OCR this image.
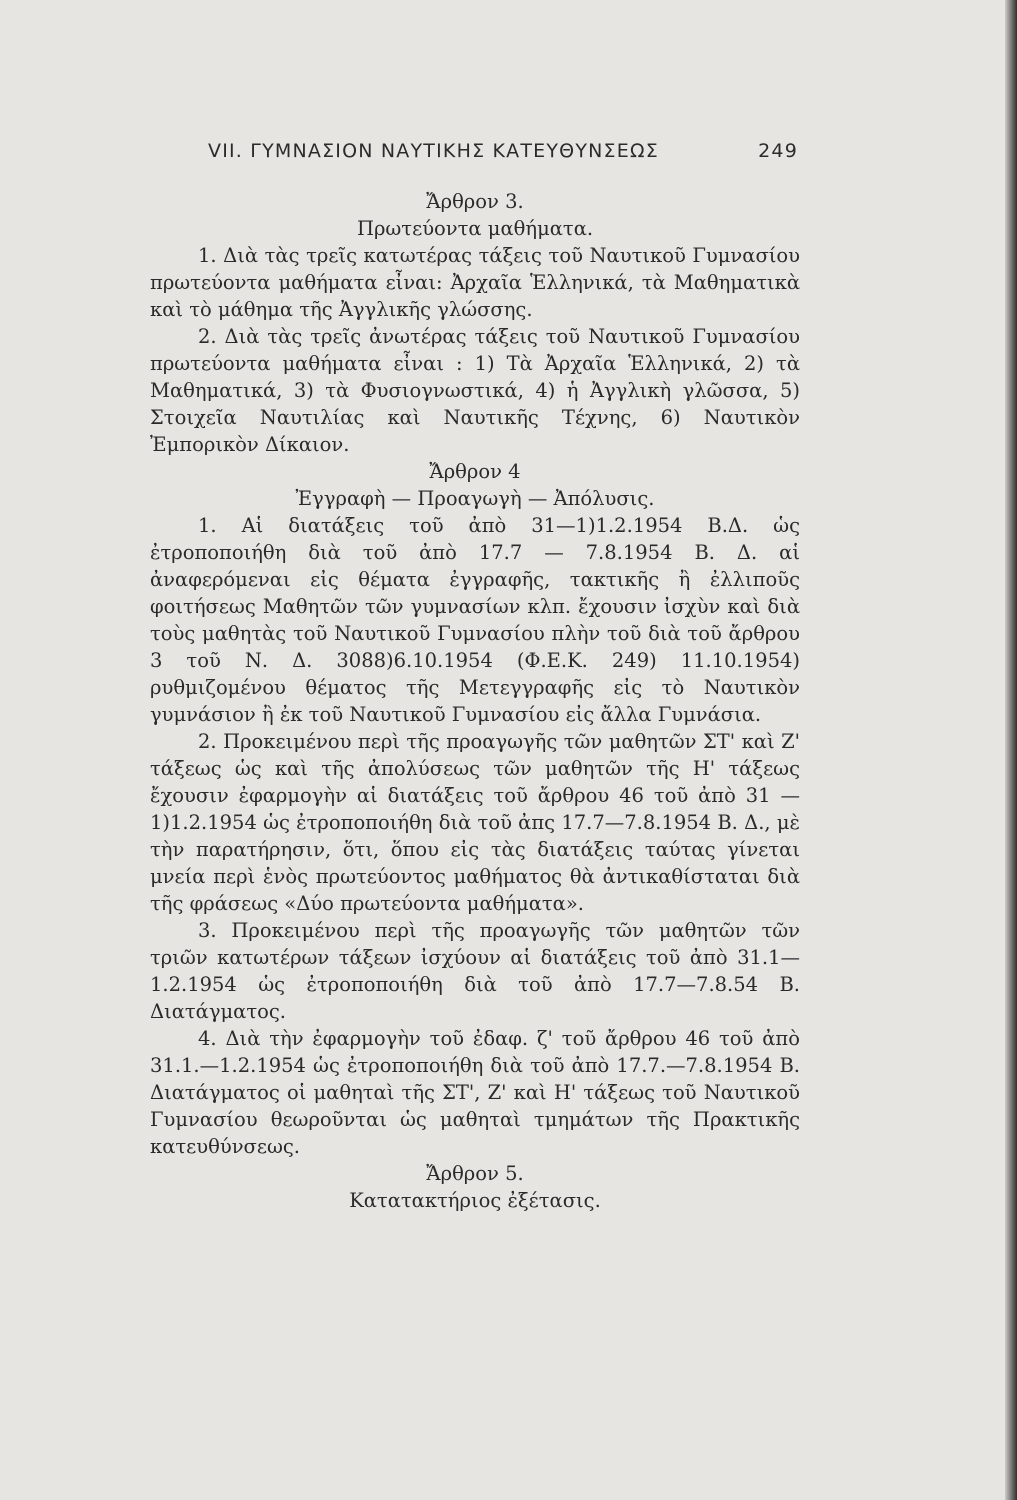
VII. ΓΥΜΝΑΣΙΟΝ ΝΑΥΤΙΚΗΣ ΚΑΤΕΥΘΥΝΣΕΩΣ	249
Ἄρθρον 3.
Πρωτεύοντα μαθήματα.

1. Διὰ τὰς τρεῖς κατωτέρας τάξεις τοῦ Ναυτικοῦ Γυμνασίου πρωτεύοντα μαθήματα εἶναι: Ἀρχαῖα Ἑλληνικά, τὰ Μαθηματικὰ καὶ τὸ μάθημα τῆς Ἀγγλικῆς γλώσσης.

2. Διὰ τὰς τρεῖς ἀνωτέρας τάξεις τοῦ Ναυτικοῦ Γυμνασίου πρωτεύοντα μαθήματα εἶναι : 1) Τὰ Ἀρχαῖα Ἑλληνικά, 2) τὰ Μαθηματικά, 3) τὰ Φυσιογνωστικά, 4) ἡ Ἀγγλικὴ γλῶσσα, 5) Στοιχεῖα Ναυτιλίας καὶ Ναυτικῆς Τέχνης, 6) Ναυτικὸν Ἐμπορικὸν Δίκαιον.

Ἄρθρον 4
Ἐγγραφὴ — Προαγωγὴ — Ἀπόλυσις.

1. Αἱ διατάξεις τοῦ ἀπὸ 31—1)1.2.1954 Β.Δ. ὡς ἐτροποποιήθη διὰ τοῦ ἀπὸ 17.7 — 7.8.1954 Β. Δ. αἱ ἀναφερόμεναι εἰς θέματα ἐγγραφῆς, τακτικῆς ἢ ἐλλιποῦς φοιτήσεως Μαθητῶν τῶν γυμνασίων κλπ. ἔχουσιν ἰσχὺν καὶ διὰ τοὺς μαθητὰς τοῦ Ναυτικοῦ Γυμνασίου πλὴν τοῦ διὰ τοῦ ἄρθρου 3 τοῦ Ν. Δ. 3088)6.10.1954 (Φ.Ε.Κ. 249) 11.10.1954) ρυθμιζομένου θέματος τῆς Μετεγγραφῆς εἰς τὸ Ναυτικὸν γυμνάσιον ἢ ἐκ τοῦ Ναυτικοῦ Γυμνασίου εἰς ἄλλα Γυμνάσια.

2. Προκειμένου περὶ τῆς προαγωγῆς τῶν μαθητῶν ΣΤ' καὶ Ζ' τάξεως ὡς καὶ τῆς ἀπολύσεως τῶν μαθητῶν τῆς Η' τάξεως ἔχουσιν ἐφαρμογὴν αἱ διατάξεις τοῦ ἄρθρου 46 τοῦ ἀπὸ 31 —1)1.2.1954 ὡς ἐτροποποιήθη διὰ τοῦ ἀπς 17.7—7.8.1954 Β. Δ., μὲ τὴν παρατήρησιν, ὅτι, ὅπου εἰς τὰς διατάξεις ταύτας γίνεται μνεία περὶ ἑνὸς πρωτεύοντος μαθήματος θὰ ἀντικαθίσταται διὰ τῆς φράσεως «Δύο πρωτεύοντα μαθήματα».

3. Προκειμένου περὶ τῆς προαγωγῆς τῶν μαθητῶν τῶν τριῶν κατωτέρων τάξεων ἰσχύουν αἱ διατάξεις τοῦ ἀπὸ 31.1—1.2.1954 ὡς ἐτροποποιήθη διὰ τοῦ ἀπὸ 17.7—7.8.54 Β. Διατάγματος.

4. Διὰ τὴν ἐφαρμογὴν τοῦ ἐδαφ. ζ' τοῦ ἄρθρου 46 τοῦ ἀπὸ 31.1.—1.2.1954 ὡς ἐτροποποιήθη διὰ τοῦ ἀπὸ 17.7.—7.8.1954 Β. Διατάγματος οἱ μαθηταὶ τῆς ΣΤ', Ζ' καὶ Η' τάξεως τοῦ Ναυτικοῦ Γυμνασίου θεωροῦνται ὡς μαθηταὶ τμημάτων τῆς Πρακτικῆς κατευθύνσεως.

Ἄρθρον 5.
Κατατακτήριος ἐξέτασις.
